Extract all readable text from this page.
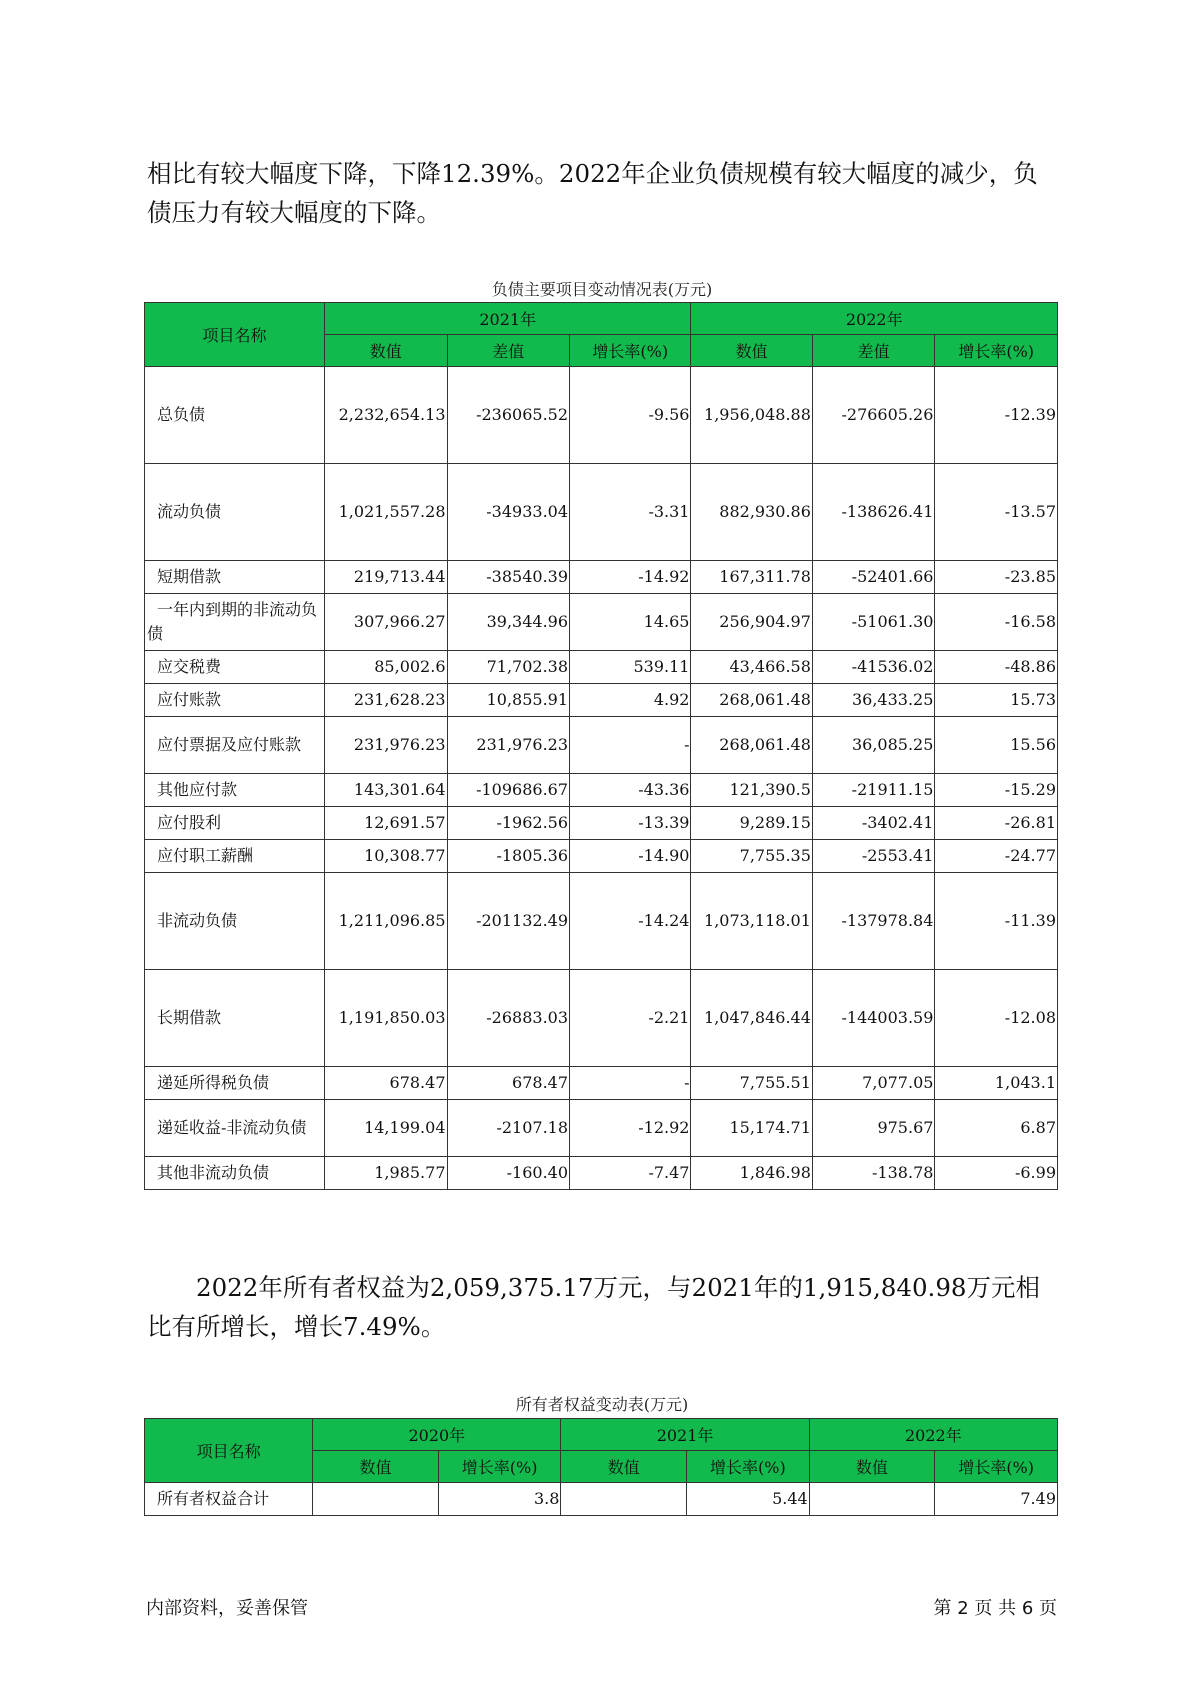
相比有较大幅度下降，下降12.39%。2022年企业负债规模有较大幅度的减少，负债压力有较大幅度的下降。

负债主要项目变动情况表(万元)
项目名称	2021年			2022年		
	数值	差值	增长率(%)	数值	差值	增长率(%)
总负债	2,232,654.13	-236065.52	-9.56	1,956,048.88	-276605.26	-12.39
流动负债	1,021,557.28	-34933.04	-3.31	882,930.86	-138626.41	-13.57
短期借款	219,713.44	-38540.39	-14.92	167,311.78	-52401.66	-23.85
一年内到期的非流动负债	307,966.27	39,344.96	14.65	256,904.97	-51061.30	-16.58
应交税费	85,002.6	71,702.38	539.11	43,466.58	-41536.02	-48.86
应付账款	231,628.23	10,855.91	4.92	268,061.48	36,433.25	15.73
应付票据及应付账款	231,976.23	231,976.23	-	268,061.48	36,085.25	15.56
其他应付款	143,301.64	-109686.67	-43.36	121,390.5	-21911.15	-15.29
应付股利	12,691.57	-1962.56	-13.39	9,289.15	-3402.41	-26.81
应付职工薪酬	10,308.77	-1805.36	-14.90	7,755.35	-2553.41	-24.77
非流动负债	1,211,096.85	-201132.49	-14.24	1,073,118.01	-137978.84	-11.39
长期借款	1,191,850.03	-26883.03	-2.21	1,047,846.44	-144003.59	-12.08
递延所得税负债	678.47	678.47	-	7,755.51	7,077.05	1,043.1
递延收益-非流动负债	14,199.04	-2107.18	-12.92	15,174.71	975.67	6.87
其他非流动负债	1,985.77	-160.40	-7.47	1,846.98	-138.78	-6.99

2022年所有者权益为2,059,375.17万元，与2021年的1,915,840.98万元相比有所增长，增长7.49%。

所有者权益变动表(万元)
项目名称	2020年		2021年		2022年	
	数值	增长率(%)	数值	增长率(%)	数值	增长率(%)
所有者权益合计		3.8		5.44		7.49
内部资料，妥善保管	第 2 页 共 6 页
